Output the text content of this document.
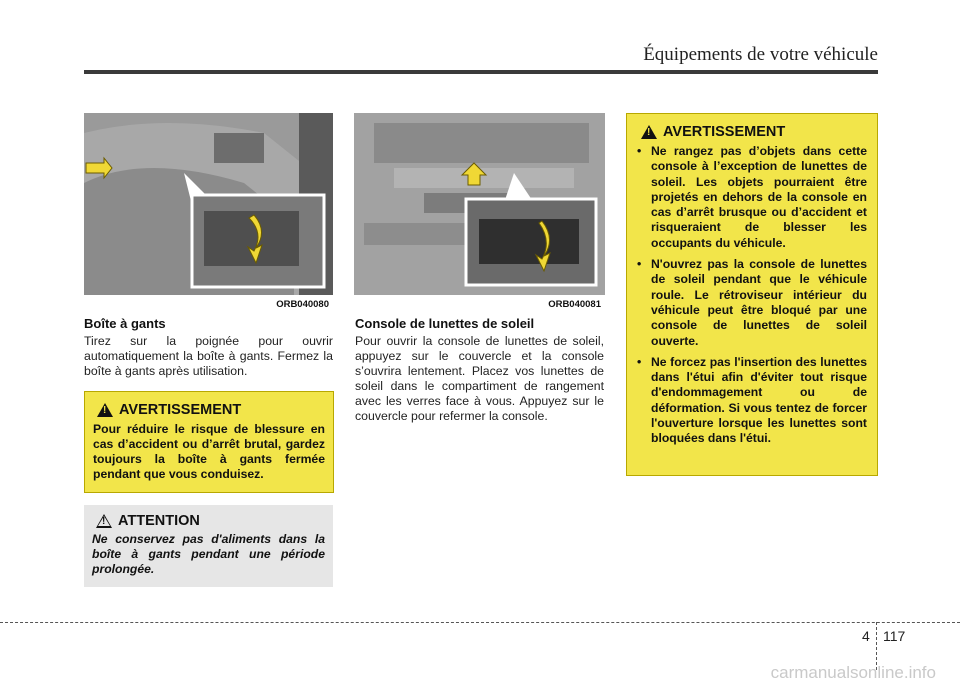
Équipements de votre véhicule
ORB040080
Boîte à gants
Tirez sur la poignée pour ouvrir automatiquement la boîte à gants. Fermez la boîte à gants après utilisation.
!
AVERTISSEMENT
Pour réduire le risque de blessure en cas d’accident ou d’arrêt brutal, gardez toujours la boîte à gants fermée pendant que vous conduisez.
!
ATTENTION
Ne conservez pas d'aliments dans la boîte à gants pendant une période prolongée.
ORB040081
Console de lunettes de soleil
Pour ouvrir la console de lunettes de soleil, appuyez sur le couvercle et la console s’ouvrira lentement. Placez vos lunettes de soleil dans le compartiment de rangement avec les verres face à vous. Appuyez sur le couvercle pour refermer la console.
!
AVERTISSEMENT
• Ne rangez pas d’objets dans cette console à l’exception de lunettes de soleil. Les objets pourraient être projetés en dehors de la console en cas d’arrêt brusque ou d’accident et risqueraient de blesser les occupants du véhicule.
• N'ouvrez pas la console de lunettes de soleil pendant que le véhicule roule. Le rétroviseur intérieur du véhicule peut être bloqué par une console de lunettes de soleil ouverte.
• Ne forcez pas l'insertion des lunettes dans l'étui afin d'éviter tout risque d'endommagement ou de déformation. Si vous tentez de forcer l'ouverture lorsque les lunettes sont bloquées dans l'étui.
4 117
carmanualsonline.info
